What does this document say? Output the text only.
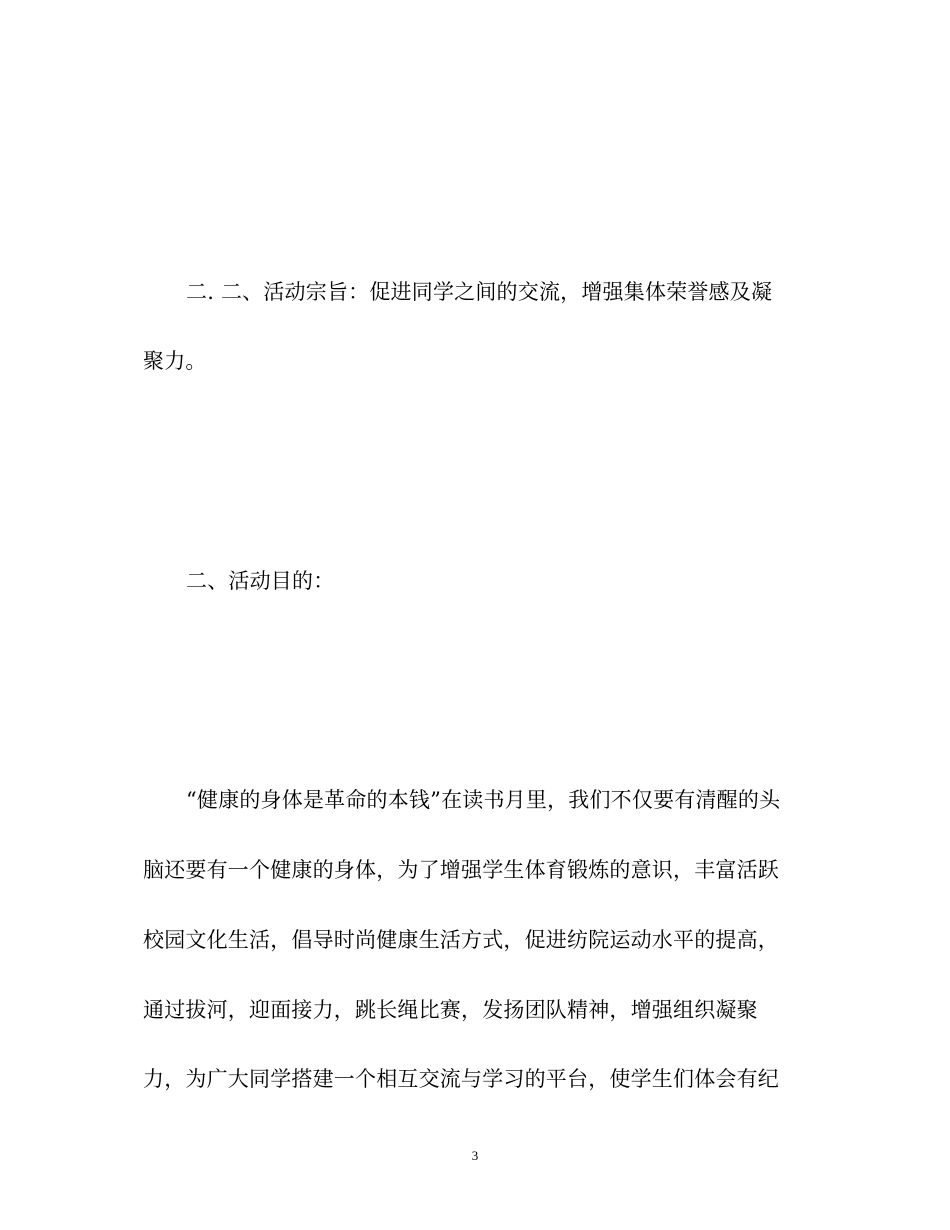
二. 二、活动宗旨：促进同学之间的交流，增强集体荣誉感及凝
聚力。
二、活动目的：
“健康的身体是革命的本钱”在读书月里，我们不仅要有清醒的头
脑还要有一个健康的身体，为了增强学生体育锻炼的意识，丰富活跃
校园文化生活，倡导时尚健康生活方式，促进纺院运动水平的提高，
通过拔河，迎面接力，跳长绳比赛，发扬团队精神，增强组织凝聚
力，为广大同学搭建一个相互交流与学习的平台，使学生们体会有纪
3
